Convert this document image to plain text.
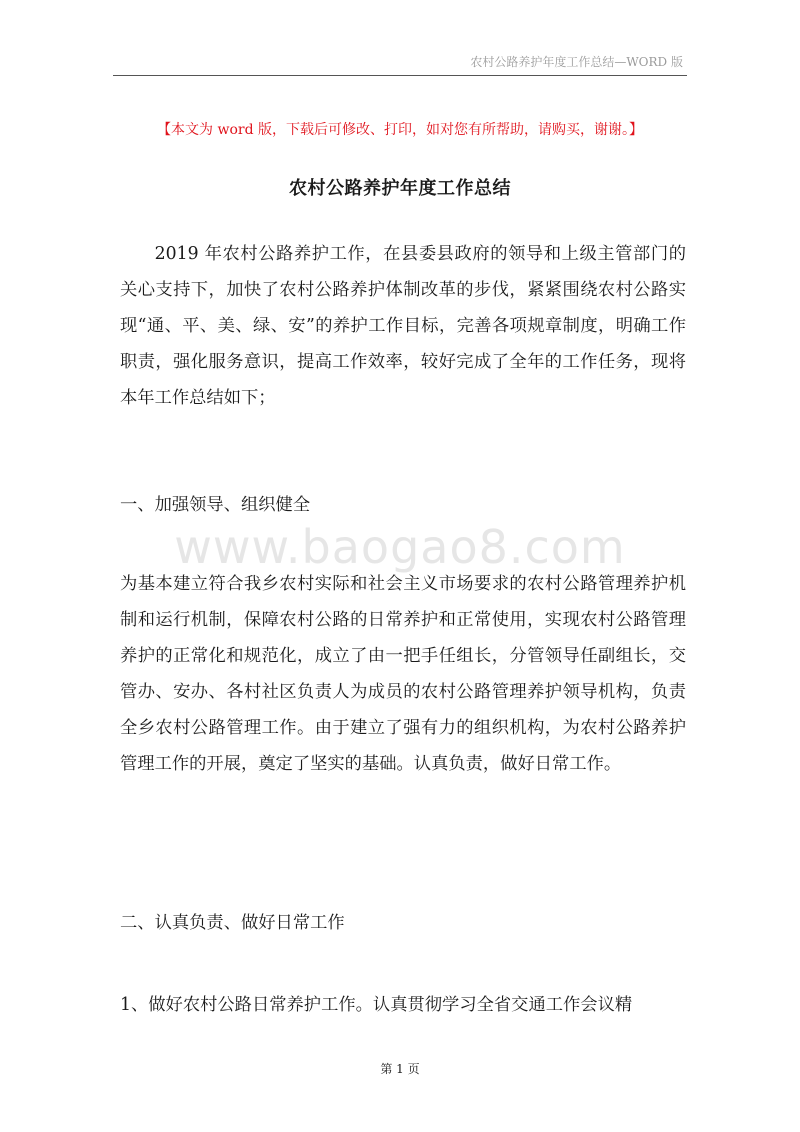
农村公路养护年度工作总结—WORD 版
【本文为 word 版，下载后可修改、打印，如对您有所帮助，请购买，谢谢。】
农村公路养护年度工作总结

2019 年农村公路养护工作，在县委县政府的领导和上级主管部门的关心支持下，加快了农村公路养护体制改革的步伐，紧紧围绕农村公路实现“通、平、美、绿、安”的养护工作目标，完善各项规章制度，明确工作职责，强化服务意识，提高工作效率，较好完成了全年的工作任务，现将本年工作总结如下；

一、加强领导、组织健全
www.baogao8.com

为基本建立符合我乡农村实际和社会主义市场要求的农村公路管理养护机制和运行机制，保障农村公路的日常养护和正常使用，实现农村公路管理养护的正常化和规范化，成立了由一把手任组长，分管领导任副组长，交管办、安办、各村社区负责人为成员的农村公路管理养护领导机构，负责全乡农村公路管理工作。由于建立了强有力的组织机构，为农村公路养护管理工作的开展，奠定了坚实的基础。认真负责，做好日常工作。

二、认真负责、做好日常工作

1、做好农村公路日常养护工作。认真贯彻学习全省交通工作会议精

第 1 页
